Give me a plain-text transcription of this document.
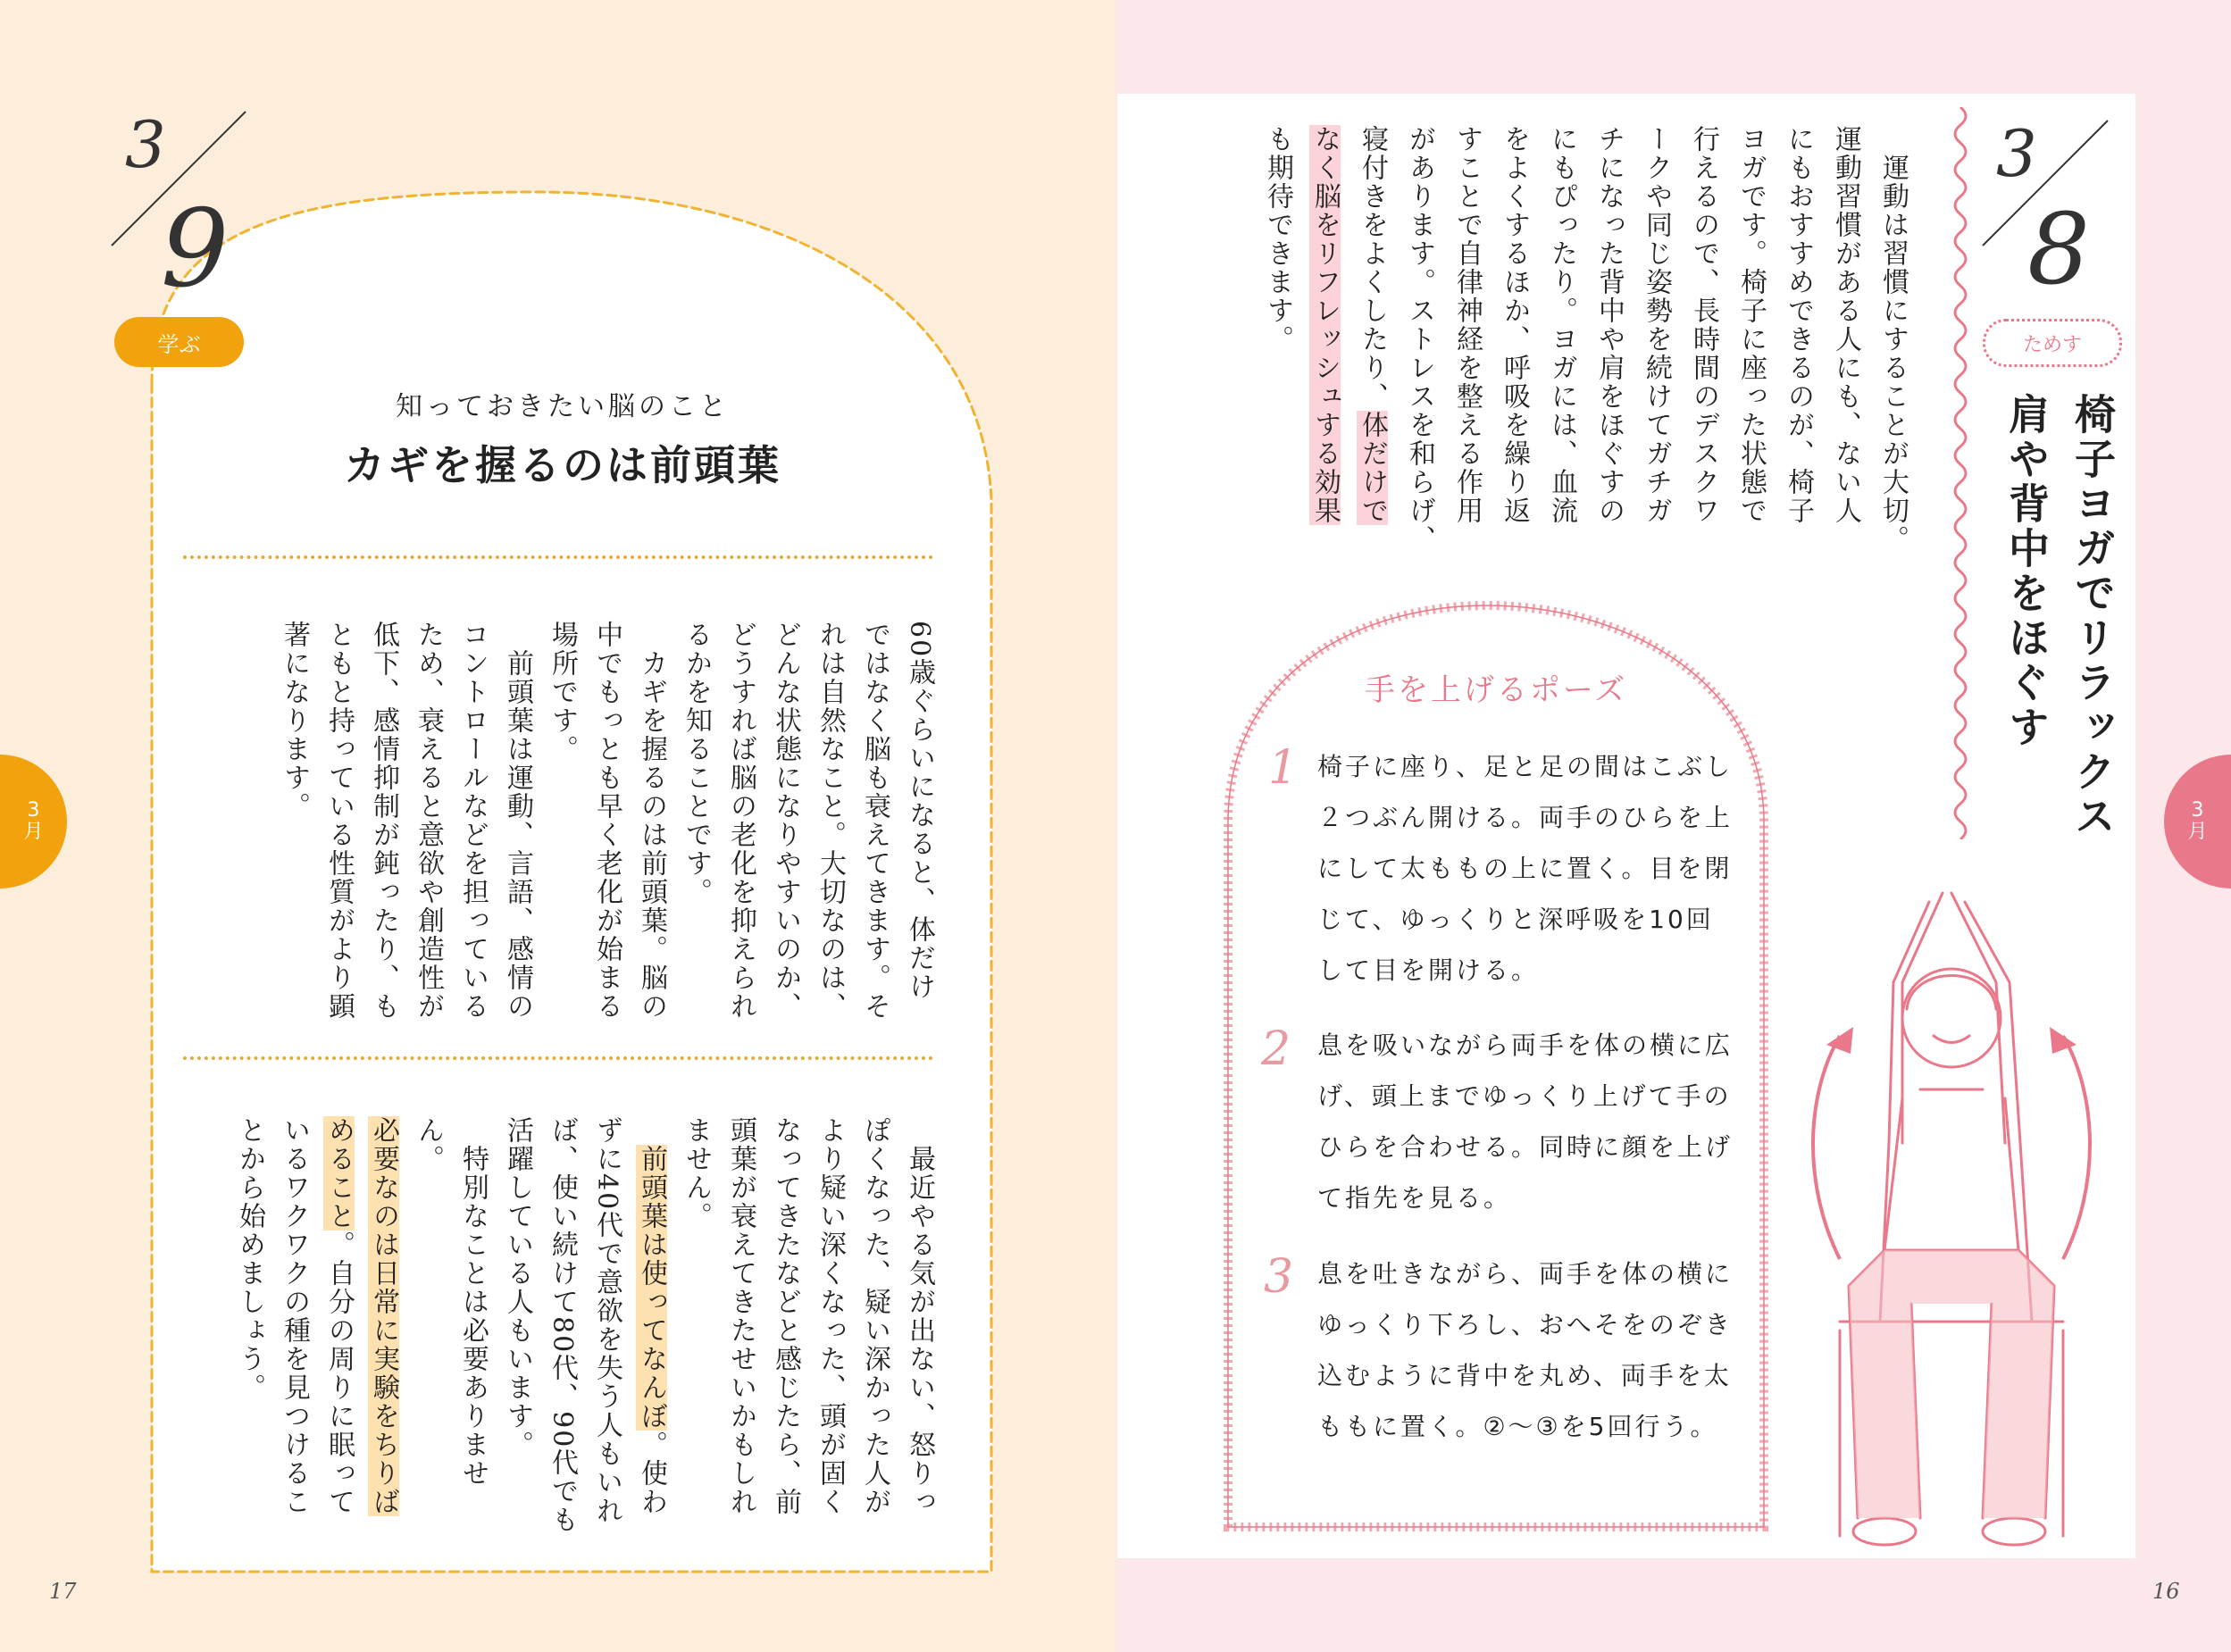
3
9
学ぶ
知っておきたい脳のこと
カギを握るのは前頭葉
60歳ぐらいになると、体だけ
ではなく脳も衰えてきます。そ
れは自然なこと。大切なのは、
どんな状態になりやすいのか、
どうすれば脳の老化を抑えられ
るかを知ることです。
　カギを握るのは前頭葉。脳の
中でもっとも早く老化が始まる
場所です。
　前頭葉は運動、言語、感情の
コントロールなどを担っている
ため、衰えると意欲や創造性が
低下、感情抑制が鈍ったり、も
ともと持っている性質がより顕
著になります。
　最近やる気が出ない、怒りっ
ぽくなった、疑い深かった人が
より疑い深くなった、頭が固く
なってきたなどと感じたら、前
頭葉が衰えてきたせいかもしれ
ません。
　前頭葉は使ってなんぼ。使わ
ずに40代で意欲を失う人もいれ
ば、使い続けて80代、90代でも
活躍している人もいます。
　特別なことは必要ありません。
必要なのは日常に実験をちりば
めること。自分の周りに眠って
いるワクワクの種を見つけるこ
とから始めましょう。
3
月
17
3
8
ためす
椅子ヨガでリラックス
肩や背中をほぐす
　運動は習慣にすることが大切。
運動習慣がある人にも、ない人
にもおすすめできるのが、椅子
ヨガです。椅子に座った状態で
行えるので、長時間のデスクワ
ークや同じ姿勢を続けてガチガ
チになった背中や肩をほぐすの
にもぴったり。ヨガには、血流
をよくするほか、呼吸を繰り返
すことで自律神経を整える作用
があります。ストレスを和らげ、
寝付きをよくしたり、体だけで
なく脳をリフレッシュする効果
も期待できます。
手を上げるポーズ
1 椅子に座り、足と足の間はこぶし２つぶん開ける。両手のひらを上にして太ももの上に置く。目を閉じて、ゆっくりと深呼吸を10回して目を開ける。
2 息を吸いながら両手を体の横に広げ、頭上までゆっくり上げて手のひらを合わせる。同時に顔を上げて指先を見る。
3 息を吐きながら、両手を体の横にゆっくり下ろし、おへそをのぞき込むように背中を丸め、両手を太ももに置く。②～③を5回行う。
3
月
16
